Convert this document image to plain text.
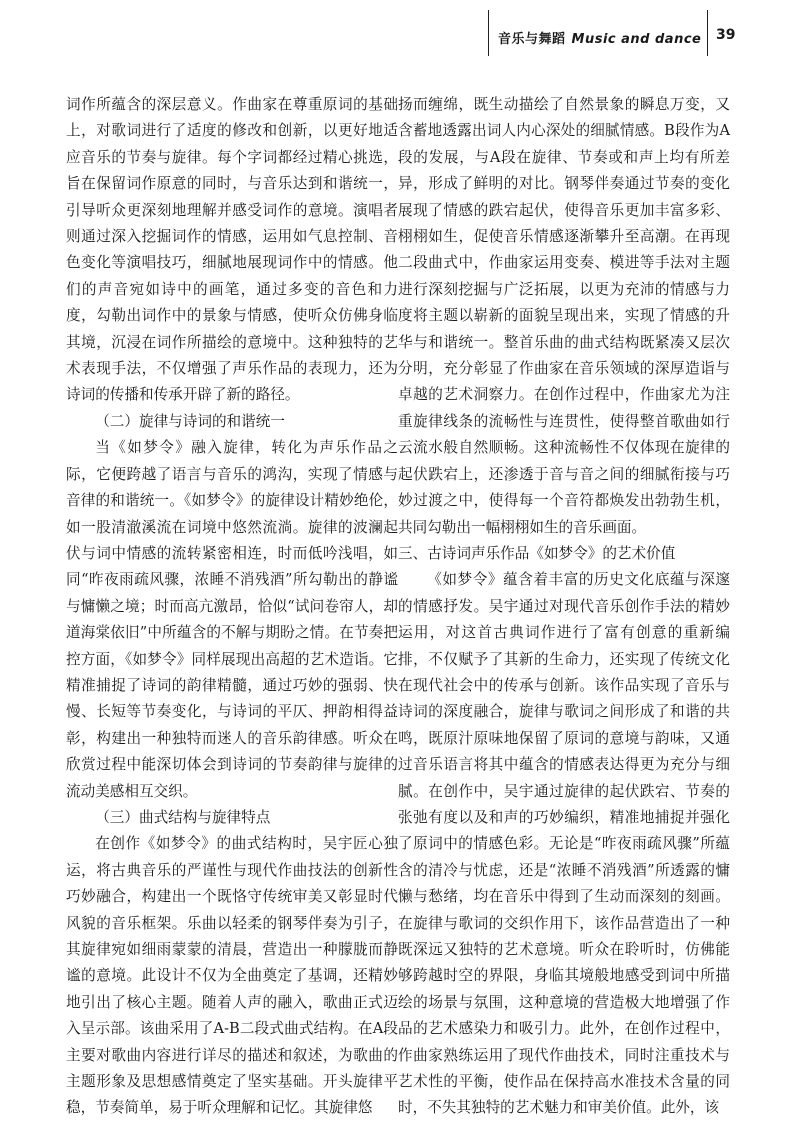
音乐与舞蹈 Music and dance 39

词作所蕴含的深层意义。作曲家在尊重原词的基础上，对歌词进行了适度的修改和创新，以更好地适应音乐的节奏与旋律。每个字词都经过精心挑选，旨在保留词作原意的同时，与音乐达到和谐统一，引导听众更深刻地理解并感受词作的意境。演唱者则通过深入挖掘词作的情感，运用如气息控制、音色变化等演唱技巧，细腻地展现词作中的情感。他们的声音宛如诗中的画笔，通过多变的音色和力度，勾勒出词作中的景象与情感，使听众仿佛身临其境，沉浸在词作所描绘的意境中。这种独特的艺术表现手法，不仅增强了声乐作品的表现力，还为诗词的传播和传承开辟了新的路径。

（二）旋律与诗词的和谐统一

当《如梦令》融入旋律，转化为声乐作品之际，它便跨越了语言与音乐的鸿沟，实现了情感与音律的和谐统一。《如梦令》的旋律设计精妙绝伦，如一股清澈溪流在词境中悠然流淌。旋律的波澜起伏与词中情感的流转紧密相连，时而低吟浅唱，如同“昨夜雨疏风骤，浓睡不消残酒”所勾勒出的静谧与慵懒之境；时而高亢激昂，恰似“试问卷帘人，却道海棠依旧”中所蕴含的不解与期盼之情。在节奏把控方面，《如梦令》同样展现出高超的艺术造诣。它精准捕捉了诗词的韵律精髓，通过巧妙的强弱、快慢、长短等节奏变化，与诗词的平仄、押韵相得益彰，构建出一种独特而迷人的音乐韵律感。听众在欣赏过程中能深切体会到诗词的节奏韵律与旋律的流动美感相互交织。

（三）曲式结构与旋律特点

在创作《如梦令》的曲式结构时，吴宇匠心独运，将古典音乐的严谨性与现代作曲技法的创新性巧妙融合，构建出一个既恪守传统审美又彰显时代风貌的音乐框架。乐曲以轻柔的钢琴伴奏为引子，其旋律宛如细雨蒙蒙的清晨，营造出一种朦胧而静谧的意境。此设计不仅为全曲奠定了基调，还精妙地引出了核心主题。随着人声的融入，歌曲正式迈入呈示部。该曲采用了A-B二段式曲式结构。在A段主要对歌曲内容进行详尽的描述和叙述，为歌曲的主题形象及思想感情奠定了坚实基础。开头旋律平稳，节奏简单，易于听众理解和记忆。其旋律悠

扬而缠绵，既生动描绘了自然景象的瞬息万变，又含蓄地透露出词人内心深处的细腻情感。B段作为A段的发展，与A段在旋律、节奏或和声上均有所差异，形成了鲜明的对比。钢琴伴奏通过节奏的变化展现了情感的跌宕起伏，使得音乐更加丰富多彩、栩栩如生，促使音乐情感逐渐攀升至高潮。在再现二段曲式中，作曲家运用变奏、模进等手法对主题进行深刻挖掘与广泛拓展，以更为充沛的情感与力度将主题以崭新的面貌呈现出来，实现了情感的升华与和谐统一。整首乐曲的曲式结构既紧凑又层次分明，充分彰显了作曲家在音乐领域的深厚造诣与卓越的艺术洞察力。在创作过程中，作曲家尤为注重旋律线条的流畅性与连贯性，使得整首歌曲如行云流水般自然顺畅。这种流畅性不仅体现在旋律的起伏跌宕上，还渗透于音与音之间的细腻衔接与巧妙过渡之中，使得每一个音符都焕发出勃勃生机，共同勾勒出一幅栩栩如生的音乐画面。

三、古诗词声乐作品《如梦令》的艺术价值

《如梦令》蕴含着丰富的历史文化底蕴与深邃的情感抒发。吴宇通过对现代音乐创作手法的精妙运用，对这首古典词作进行了富有创意的重新编排，不仅赋予了其新的生命力，还实现了传统文化在现代社会中的传承与创新。该作品实现了音乐与诗词的深度融合，旋律与歌词之间形成了和谐的共鸣，既原汁原味地保留了原词的意境与韵味，又通过音乐语言将其中蕴含的情感表达得更为充分与细腻。在创作中，吴宇通过旋律的起伏跌宕、节奏的张弛有度以及和声的巧妙编织，精准地捕捉并强化了原词中的情感色彩。无论是“昨夜雨疏风骤”所蕴含的清冷与忧虑，还是“浓睡不消残酒”所透露的慵懒与愁绪，均在音乐中得到了生动而深刻的刻画。在旋律与歌词的交织作用下，该作品营造出了一种既深远又独特的艺术意境。听众在聆听时，仿佛能够跨越时空的界限，身临其境般地感受到词中所描绘的场景与氛围，这种意境的营造极大地增强了作品的艺术感染力和吸引力。此外，在创作过程中，作曲家熟练运用了现代作曲技术，同时注重技术与艺术性的平衡，使作品在保持高水准技术含量的同时，不失其独特的艺术魅力和审美价值。此外，该
